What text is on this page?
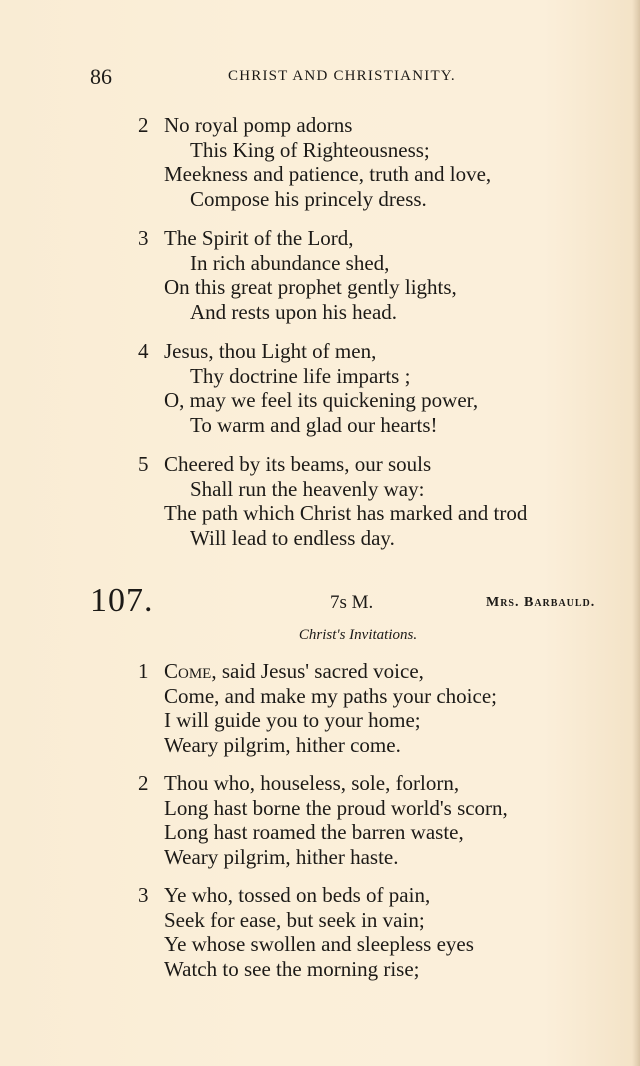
86	CHRIST AND CHRISTIANITY.
2 No royal pomp adorns
This King of Righteousness;
Meekness and patience, truth and love,
Compose his princely dress.
3 The Spirit of the Lord,
In rich abundance shed,
On this great prophet gently lights,
And rests upon his head.
4 Jesus, thou Light of men,
Thy doctrine life imparts ;
O, may we feel its quickening power,
To warm and glad our hearts!
5 Cheered by its beams, our souls
Shall run the heavenly way:
The path which Christ has marked and trod
Will lead to endless day.
107.	7s M.	Mrs. Barbauld.
Christ's Invitations.
1 Come, said Jesus' sacred voice,
Come, and make my paths your choice;
I will guide you to your home;
Weary pilgrim, hither come.
2 Thou who, houseless, sole, forlorn,
Long hast borne the proud world's scorn,
Long hast roamed the barren waste,
Weary pilgrim, hither haste.
3 Ye who, tossed on beds of pain,
Seek for ease, but seek in vain;
Ye whose swollen and sleepless eyes
Watch to see the morning rise;
